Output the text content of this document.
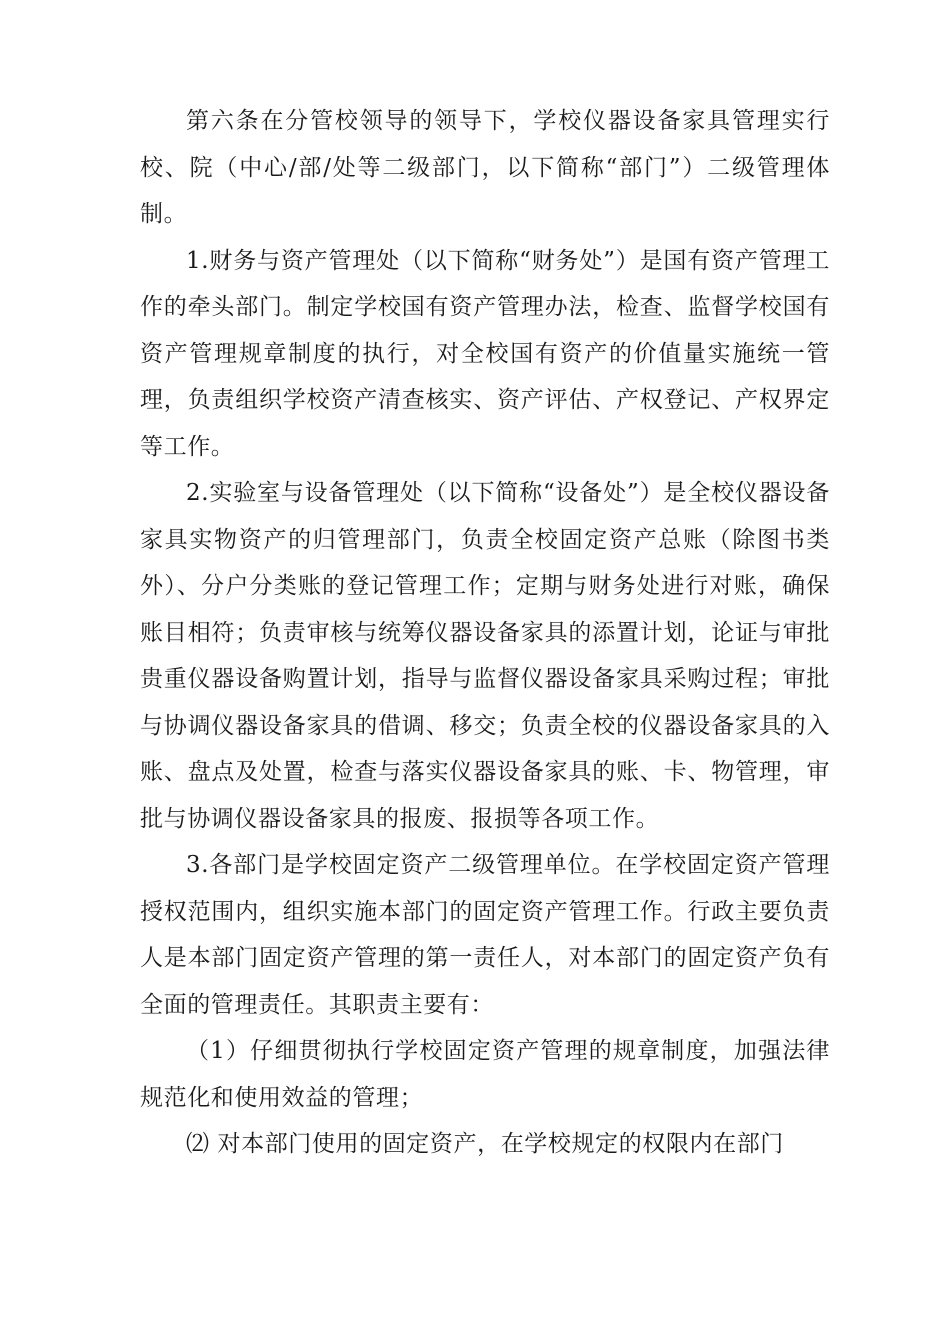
第六条在分管校领导的领导下，学校仪器设备家具管理实行校、院（中心/部/处等二级部门，以下简称“部门”）二级管理体制。

1.财务与资产管理处（以下简称“财务处”）是国有资产管理工作的牵头部门。制定学校国有资产管理办法，检查、监督学校国有资产管理规章制度的执行，对全校国有资产的价值量实施统一管理，负责组织学校资产清查核实、资产评估、产权登记、产权界定等工作。

2.实验室与设备管理处（以下简称“设备处”）是全校仪器设备家具实物资产的归管理部门，负责全校固定资产总账（除图书类外）、分户分类账的登记管理工作；定期与财务处进行对账，确保账目相符；负责审核与统筹仪器设备家具的添置计划，论证与审批贵重仪器设备购置计划，指导与监督仪器设备家具采购过程；审批与协调仪器设备家具的借调、移交；负责全校的仪器设备家具的入账、盘点及处置，检查与落实仪器设备家具的账、卡、物管理，审批与协调仪器设备家具的报废、报损等各项工作。

3.各部门是学校固定资产二级管理单位。在学校固定资产管理授权范围内，组织实施本部门的固定资产管理工作。行政主要负责人是本部门固定资产管理的第一责任人，对本部门的固定资产负有全面的管理责任。其职责主要有：

（1）仔细贯彻执行学校固定资产管理的规章制度，加强法律规范化和使用效益的管理；

⑵ 对本部门使用的固定资产，在学校规定的权限内在部门
